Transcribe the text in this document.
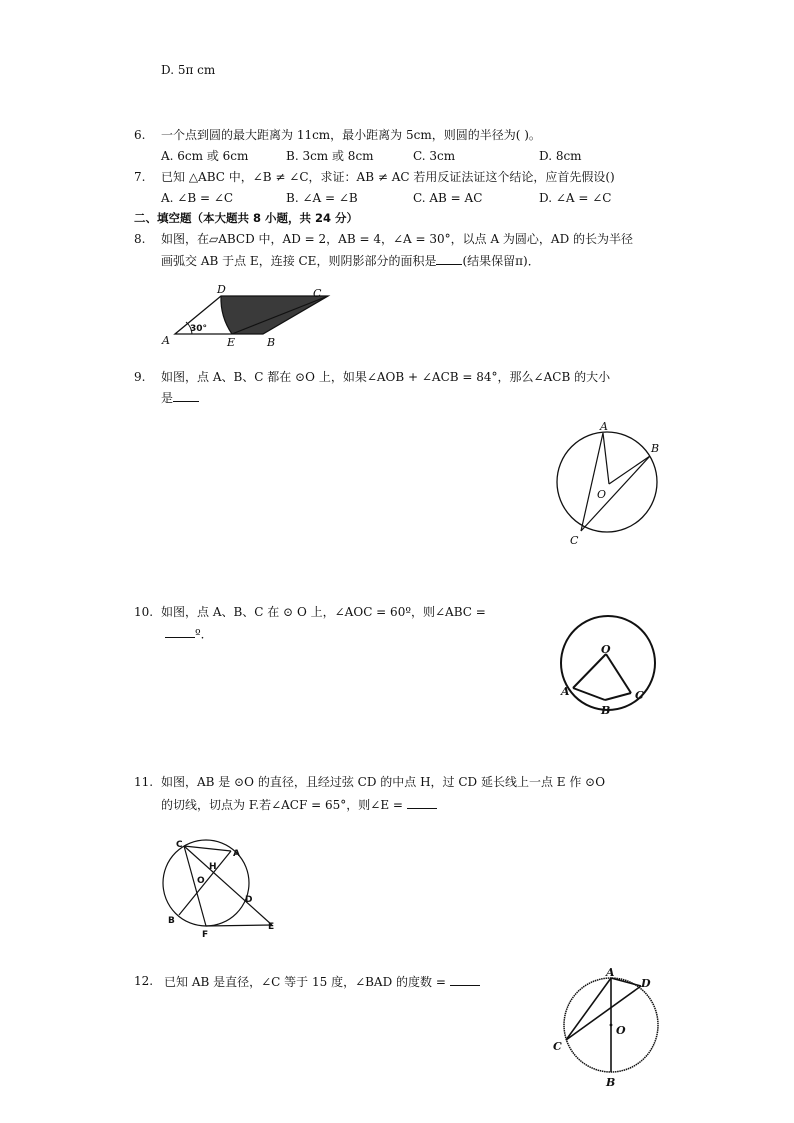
D. 5π cm
6. 一个点到圆的最大距离为 11cm，最小距离为 5cm，则圆的半径为( )。
A. 6cm 或 6cm	B. 3cm 或 8cm	C. 3cm	D. 8cm
7. 已知 △ABC 中，∠B ≠ ∠C，求证：AB ≠ AC 若用反证法证这个结论，应首先假设()
A. ∠B = ∠C	B. ∠A = ∠B	C. AB = AC	D. ∠A = ∠C
二、填空题（本大题共 8 小题，共 24 分）
8. 如图，在▱ABCD 中，AD = 2，AB = 4，∠A = 30°，以点 A 为圆心，AD 的长为半径
画弧交 AB 于点 E，连接 CE，则阴影部分的面积是 (结果保留π)．
30°
D	C
A	E	B
9. 如图，点 A、B、C 都在 ⊙O 上，如果∠AOB + ∠ACB = 84°，那么∠ACB 的大小
是
A
B
O
C
10. 如图，点 A、B、C 在 ⊙ O 上，∠AOC = 60º，则∠ABC =
º．
O
A
B
C
11. 如图，AB 是 ⊙O 的直径，且经过弦 CD 的中点 H，过 CD 延长线上一点 E 作 ⊙O
的切线，切点为 F.若∠ACF = 65°，则∠E =
C
A
H
O
D
B
F
E
12. 已知 AB 是直径，∠C 等于 15 度，∠BAD 的度数 =
A
D
O
C
B
